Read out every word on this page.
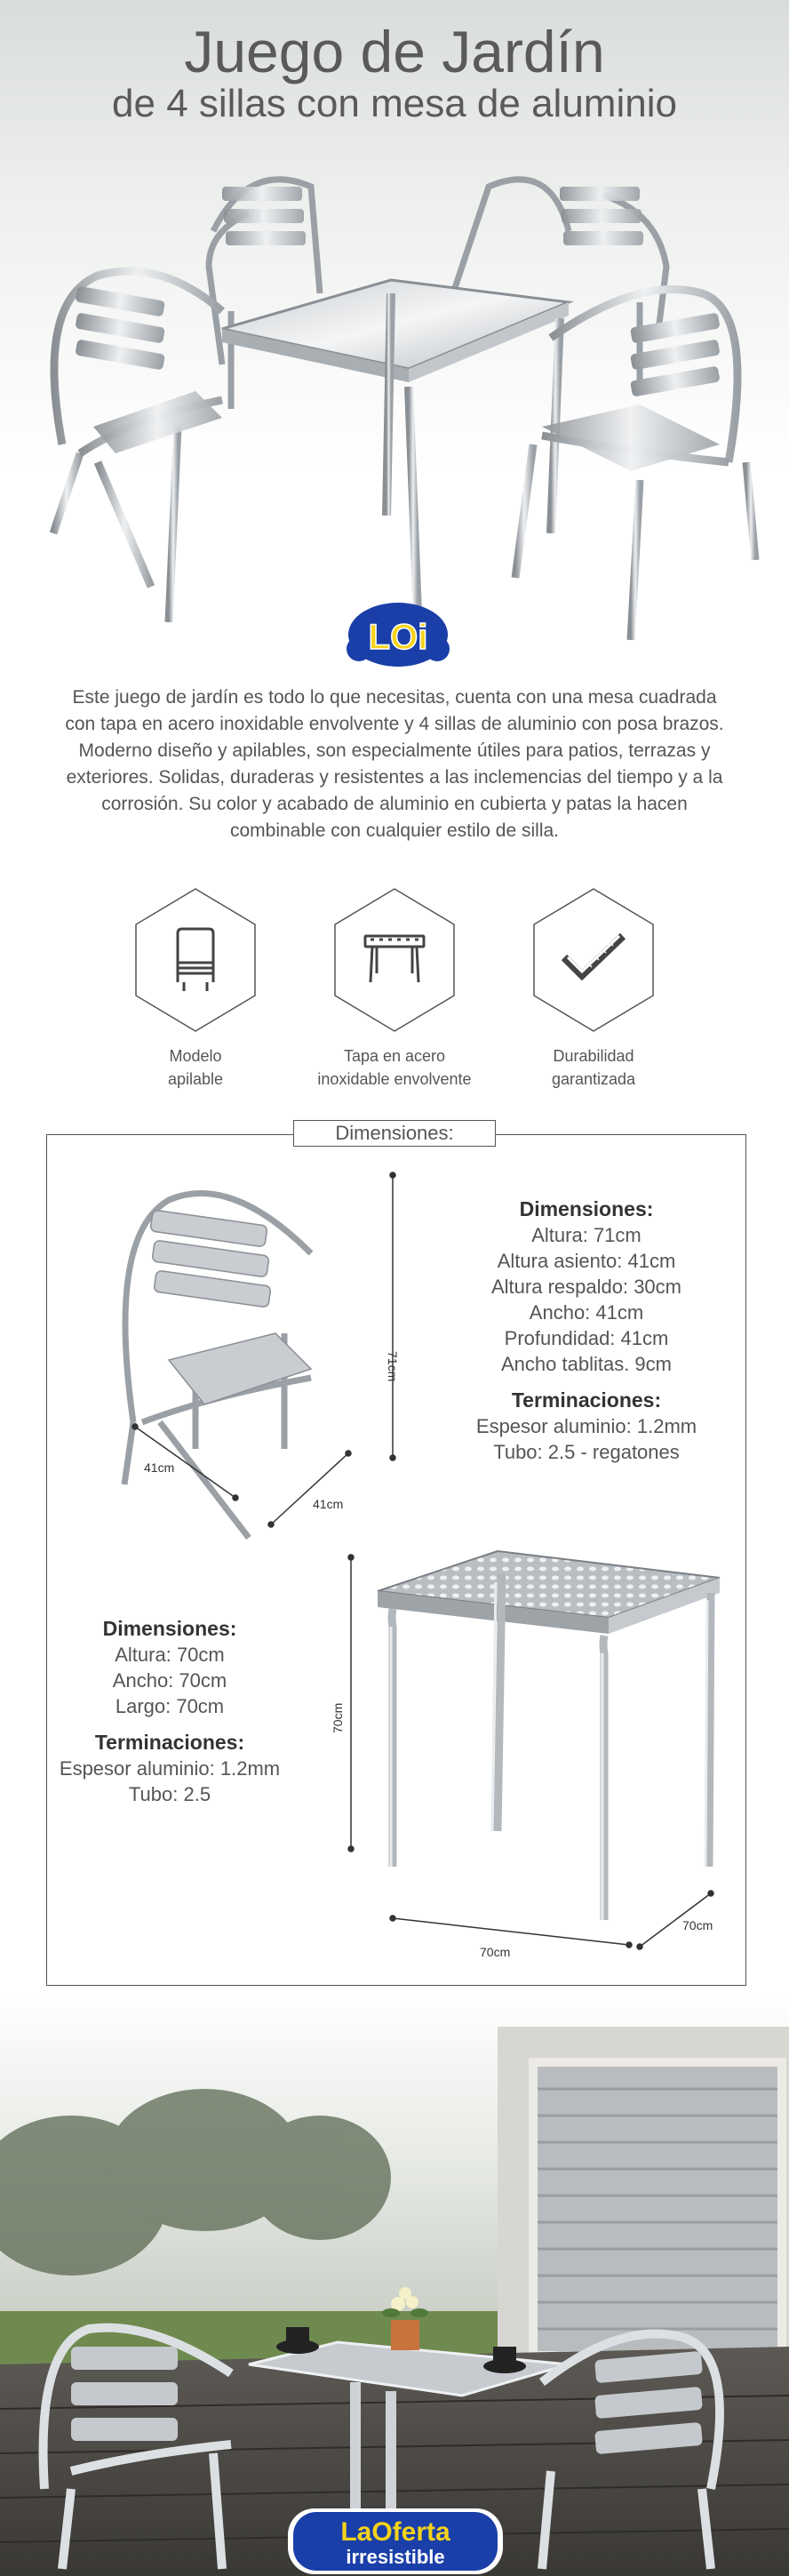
Juego de Jardín
de 4 sillas con mesa de aluminio
LOi

Este juego de jardín es todo lo que necesitas, cuenta con una mesa cuadrada con tapa en acero inoxidable envolvente y 4 sillas de aluminio con posa brazos. Moderno diseño y apilables, son especialmente útiles para patios, terrazas y exteriores. Solidas, duraderas y resistentes a las inclemencias del tiempo y a la corrosión. Su color y acabado de aluminio en cubierta y patas la hacen combinable con cualquier estilo de silla.

Modelo
apilable
Tapa en acero
inoxidable envolvente
Durabilidad
garantizada
Dimensiones:
71cm
41cm
41cm
Dimensiones:
Altura: 71cm
Altura asiento: 41cm
Altura respaldo: 30cm
Ancho: 41cm
Profundidad: 41cm
Ancho tablitas. 9cm
Terminaciones:
Espesor aluminio: 1.2mm
Tubo: 2.5 - regatones
Dimensiones:
Altura: 70cm
Ancho: 70cm
Largo: 70cm
Terminaciones:
Espesor aluminio: 1.2mm
Tubo: 2.5
70cm
70cm
70cm
LaOferta
irresistible
